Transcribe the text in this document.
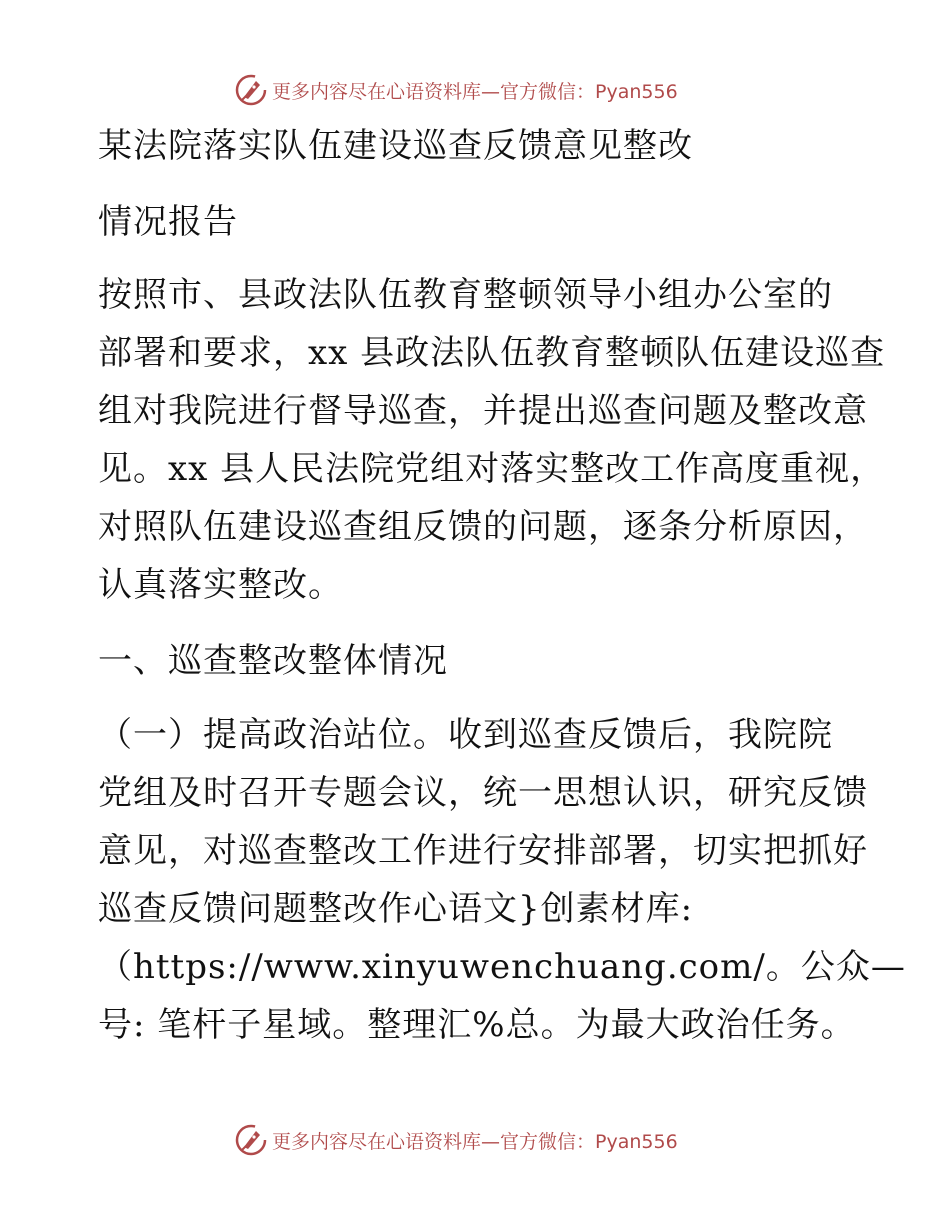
更多内容尽在心语资料库—官方微信：Pyan556
某法院落实队伍建设巡查反馈意见整改
情况报告
按照市、县政法队伍教育整顿领导小组办公室的
部署和要求，xx 县政法队伍教育整顿队伍建设巡查
组对我院进行督导巡查，并提出巡查问题及整改意
见。xx 县人民法院党组对落实整改工作高度重视，
对照队伍建设巡查组反馈的问题，逐条分析原因，
认真落实整改。
一、巡查整改整体情况
（一）提高政治站位。收到巡查反馈后，我院院
党组及时召开专题会议，统一思想认识，研究反馈
意见，对巡查整改工作进行安排部署，切实把抓好
巡查反馈问题整改作心语文}创素材库:
（https://www.xinyuwenchuang.com/。公众—
号: 笔杆子星域。整理汇%总。为最大政治任务。
更多内容尽在心语资料库—官方微信：Pyan556
